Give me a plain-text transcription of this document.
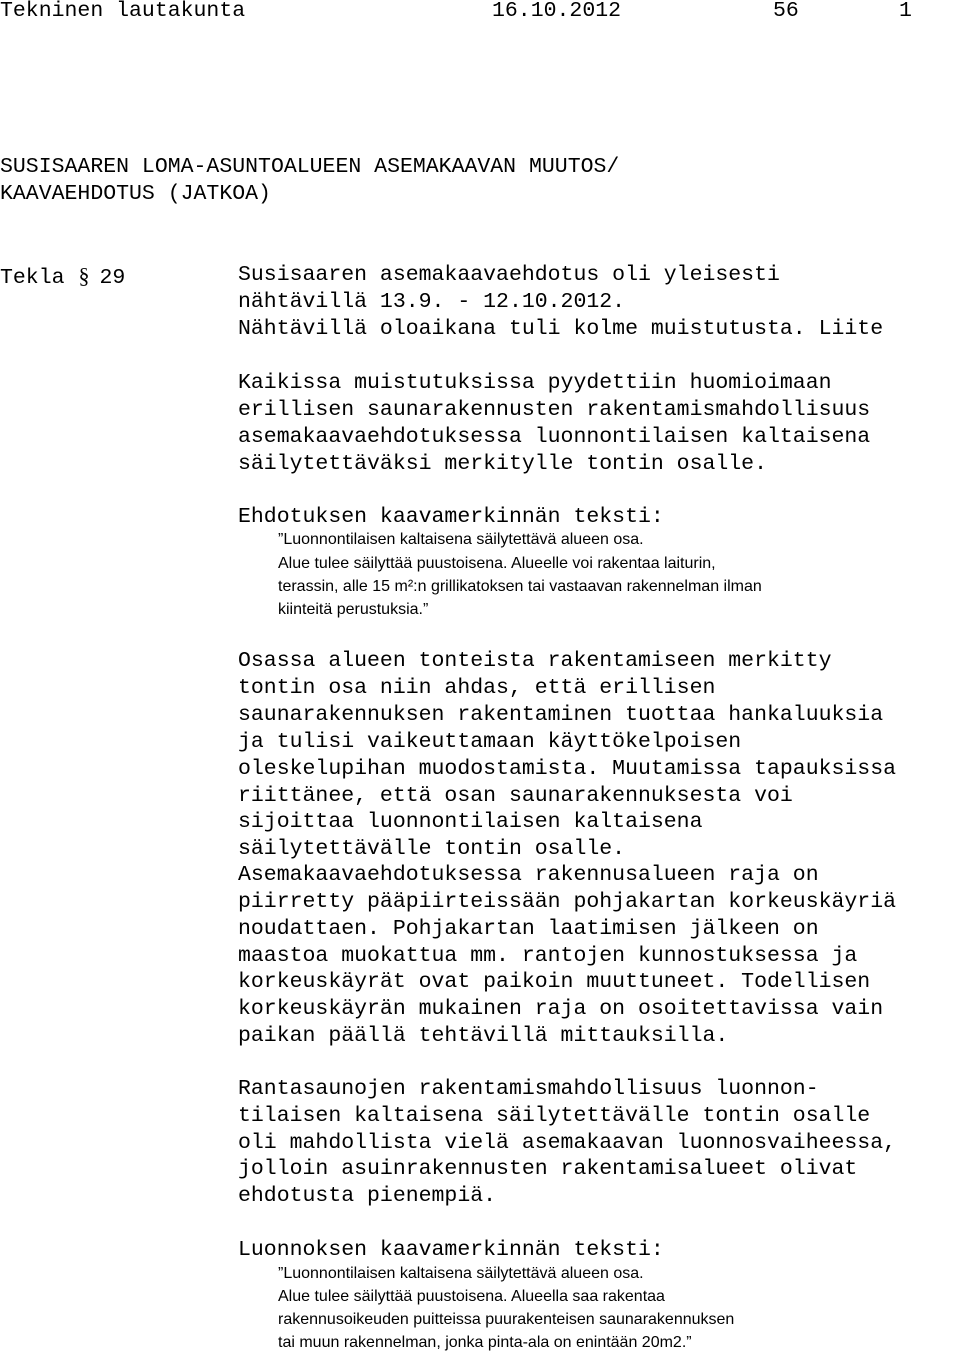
Tekninen lautakunta	16.10.2012	56	1
SUSISAAREN LOMA-ASUNTOALUEEN ASEMAKAAVAN MUUTOS/
KAAVAEHDOTUS (JATKOA)
Tekla § 29	Susisaaren asemakaavaehdotus oli yleisesti
nähtävillä 13.9. - 12.10.2012.
Nähtävillä oloaikana tuli kolme muistutusta. Liite
Kaikissa muistutuksissa pyydettiin huomioimaan
erillisen saunarakennusten rakentamismahdollisuus
asemakaavaehdotuksessa luonnontilaisen kaltaisena
säilytettäväksi merkitylle tontin osalle.
Ehdotuksen kaavamerkinnän teksti:
”Luonnontilaisen kaltaisena säilytettävä alueen osa.
Alue tulee säilyttää puustoisena. Alueelle voi rakentaa laiturin,
terassin, alle 15 m²:n grillikatoksen tai vastaavan rakennelman ilman
kiinteitä perustuksia.”
Osassa alueen tonteista rakentamiseen merkitty
tontin osa niin ahdas, että erillisen
saunarakennuksen rakentaminen tuottaa hankaluuksia
ja tulisi vaikeuttamaan käyttökelpoisen
oleskelupihan muodostamista. Muutamissa tapauksissa
riittänee, että osan saunarakennuksesta voi
sijoittaa luonnontilaisen kaltaisena
säilytettävälle tontin osalle.
Asemakaavaehdotuksessa rakennusalueen raja on
piirretty pääpiirteissään pohjakartan korkeuskäyriä
noudattaen. Pohjakartan laatimisen jälkeen on
maastoa muokattua mm. rantojen kunnostuksessa ja
korkeuskäyrät ovat paikoin muuttuneet. Todellisen
korkeuskäyrän mukainen raja on osoitettavissa vain
paikan päällä tehtävillä mittauksilla.
Rantasaunojen rakentamismahdollisuus luonnon-
tilaisen kaltaisena säilytettävälle tontin osalle
oli mahdollista vielä asemakaavan luonnosvaiheessa,
jolloin asuinrakennusten rakentamisalueet olivat
ehdotusta pienempiä.
Luonnoksen kaavamerkinnän teksti:
”Luonnontilaisen kaltaisena säilytettävä alueen osa.
Alue tulee säilyttää puustoisena. Alueella saa rakentaa
rakennusoikeuden puitteissa puurakenteisen saunarakennuksen
tai muun rakennelman, jonka pinta-ala on enintään 20m2.”
